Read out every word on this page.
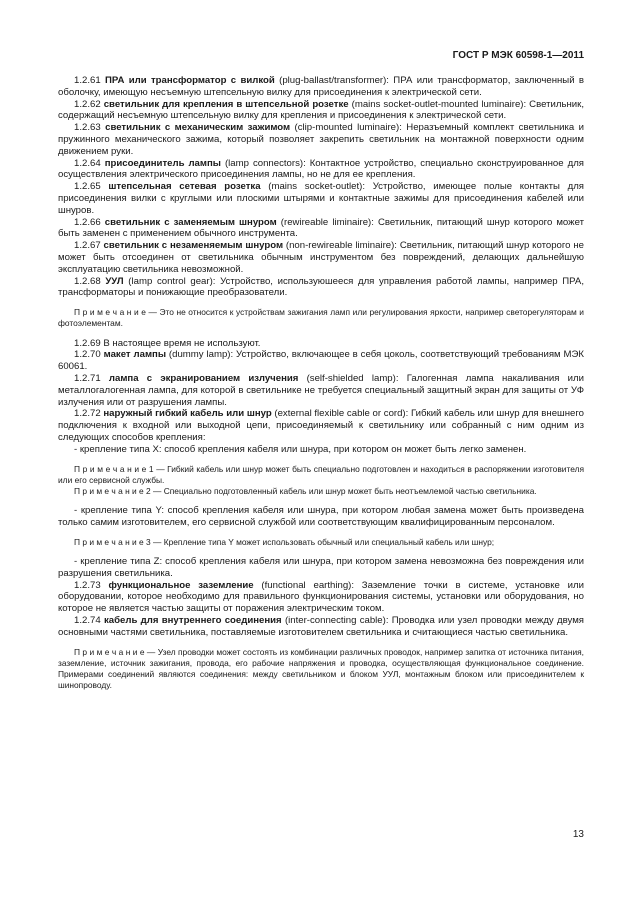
ГОСТ Р МЭК 60598-1—2011

1.2.61 ПРА или трансформатор с вилкой (plug-ballast/transformer): ПРА или трансформатор, заключенный в оболочку, имеющую несъемную штепсельную вилку для присоединения к электрической сети.

1.2.62 светильник для крепления в штепсельной розетке (mains socket-outlet-mounted luminaire): Светильник, содержащий несъемную штепсельную вилку для крепления и присоединения к электрической сети.

1.2.63 светильник с механическим зажимом (clip-mounted luminaire): Неразъемный комплект светильника и пружинного механического зажима, который позволяет закрепить светильник на монтажной поверхности одним движением руки.

1.2.64 присоединитель лампы (lamp connectors): Контактное устройство, специально сконструированное для осуществления электрического присоединения лампы, но не для ее крепления.

1.2.65 штепсельная сетевая розетка (mains socket-outlet): Устройство, имеющее полые контакты для присоединения вилки с круглыми или плоскими штырями и контактные зажимы для присоединения кабелей или шнуров.

1.2.66 светильник с заменяемым шнуром (rewireable liminaire): Светильник, питающий шнур которого может быть заменен с применением обычного инструмента.

1.2.67 светильник с незаменяемым шнуром (non-rewireable liminaire): Светильник, питающий шнур которого не может быть отсоединен от светильника обычным инструментом без повреждений, делающих дальнейшую эксплуатацию светильника невозможной.

1.2.68 УУЛ (lamp control gear): Устройство, используюшееся для управления работой лампы, например ПРА, трансформаторы и понижающие преобразователи.

П р и м е ч а н и е — Это не относится к устройствам зажигания ламп или регулирования яркости, например светорегуляторам и фотоэлементам.

1.2.69 В настоящее время не используют.

1.2.70 макет лампы (dummy lamp): Устройство, включающее в себя цоколь, соответствующий требованиям МЭК 60061.

1.2.71 лампа с экранированием излучения (self-shielded lamp): Галогенная лампа накаливания или металлогалогенная лампа, для которой в светильнике не требуется специальный защитный экран для защиты от УФ излучения или от разрушения лампы.

1.2.72 наружный гибкий кабель или шнур (external flexible cable or cord): Гибкий кабель или шнур для внешнего подключения к входной или выходной цепи, присоединяемый к светильнику или собранный с ним одним из следующих способов крепления:

- крепление типа X: способ крепления кабеля или шнура, при котором он может быть легко заменен.

П р и м е ч а н и е 1 — Гибкий кабель или шнур может быть специально подготовлен и находиться в распоряжении изготовителя или его сервисной службы.

П р и м е ч а н и е 2 — Специально подготовленный кабель или шнур может быть неотъемлемой частью светильника.

- крепление типа Y: способ крепления кабеля или шнура, при котором любая замена может быть произведена только самим изготовителем, его сервисной службой или соответствующим квалифицированным персоналом.

П р и м е ч а н и е 3 — Крепление типа Y может использовать обычный или специальный кабель или шнур;

- крепление типа Z: способ крепления кабеля или шнура, при котором замена невозможна без повреждения или разрушения светильника.

1.2.73 функциональное заземление (functional earthing): Заземление точки в системе, установке или оборудовании, которое необходимо для правильного функционирования системы, установки или оборудования, но которое не является частью защиты от поражения электрическим током.

1.2.74 кабель для внутреннего соединения (inter-connecting cable): Проводка или узел проводки между двумя основными частями светильника, поставляемые изготовителем светильника и считающиеся частью светильника.

П р и м е ч а н и е — Узел проводки может состоять из комбинации различных проводок, например запитка от источника питания, заземление, источник зажигания, провода, его рабочие напряжения и проводка, осуществляющая функциональное соединение. Примерами соединений являются соединения: между светильником и блоком УУЛ, монтажным блоком или присоединителем к шинопроводу.

13
